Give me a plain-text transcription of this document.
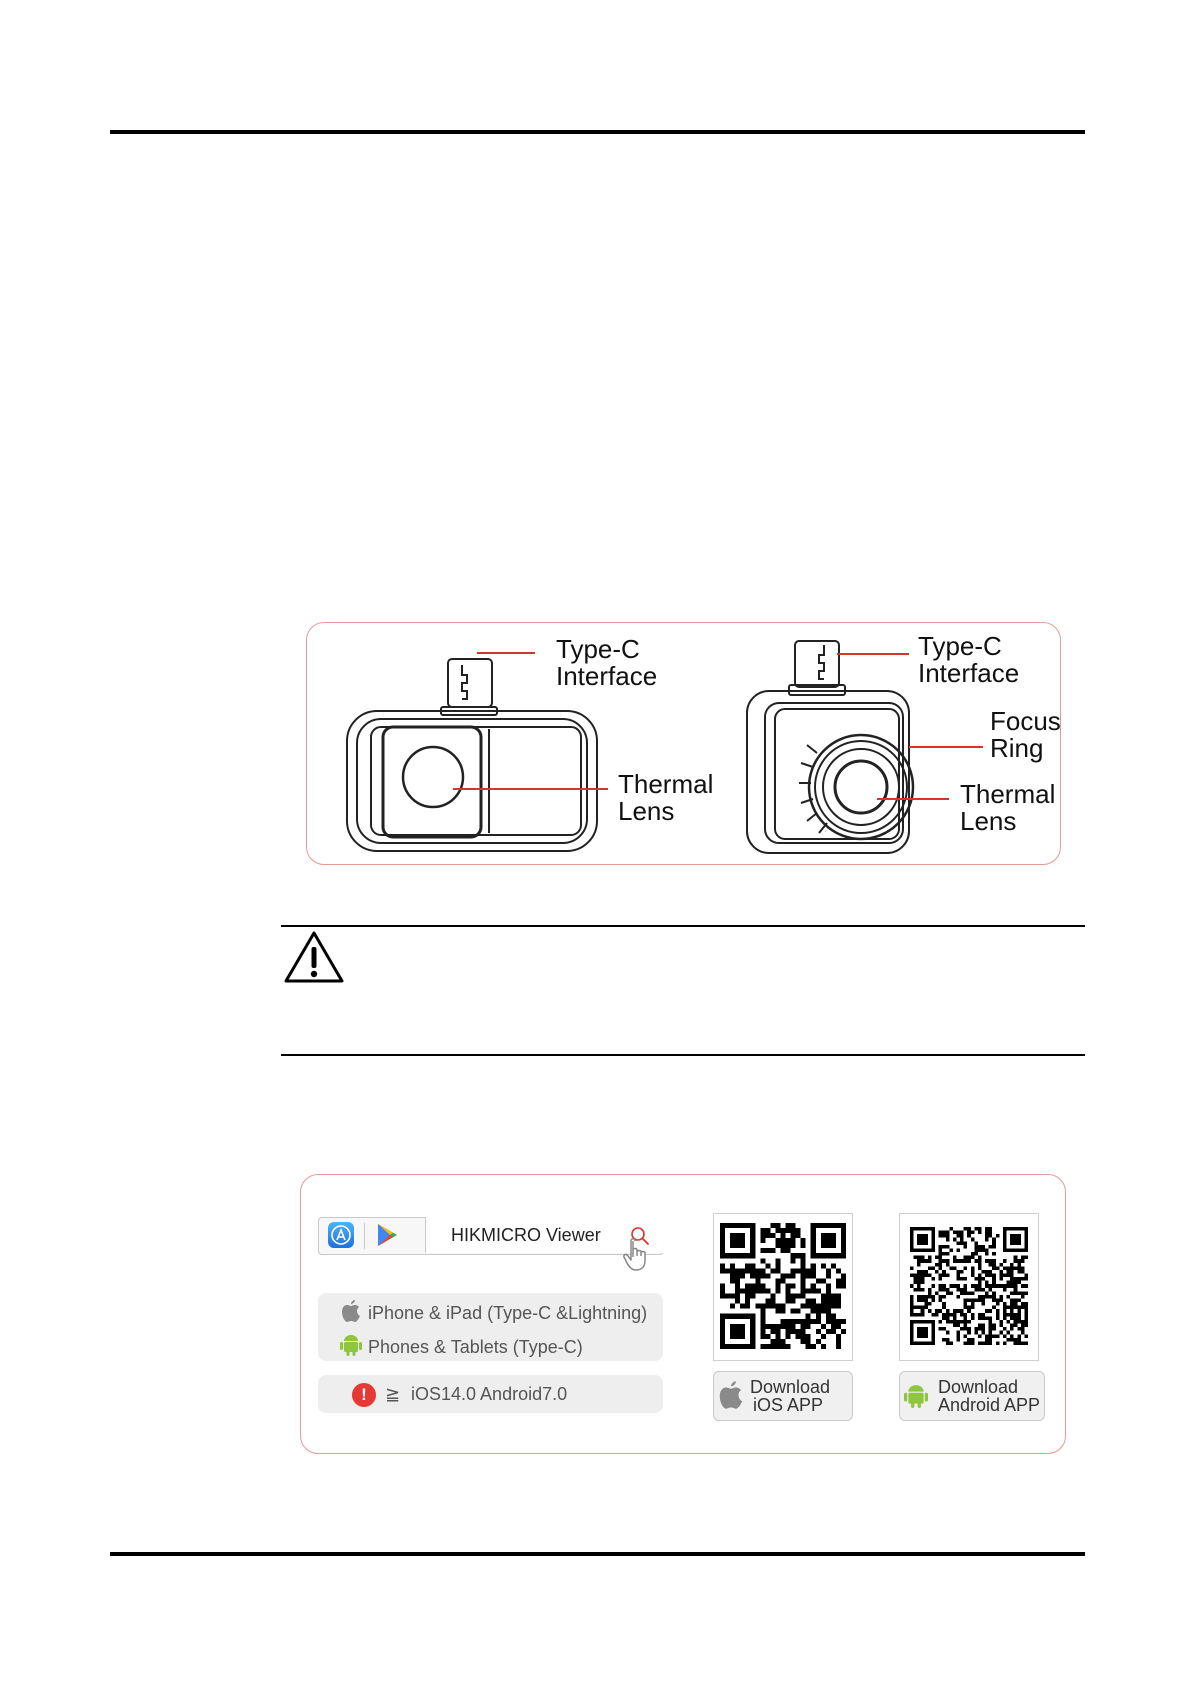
Type-C
Interface
Thermal
Lens
Type-C
Interface
Focus
Ring
Thermal
Lens
HIKMICRO Viewer
iPhone & iPad (Type-C &Lightning)
Phones & Tablets (Type-C)
!	≧ iOS14.0 Android7.0	Download
iOS APP
Download
Android APP
